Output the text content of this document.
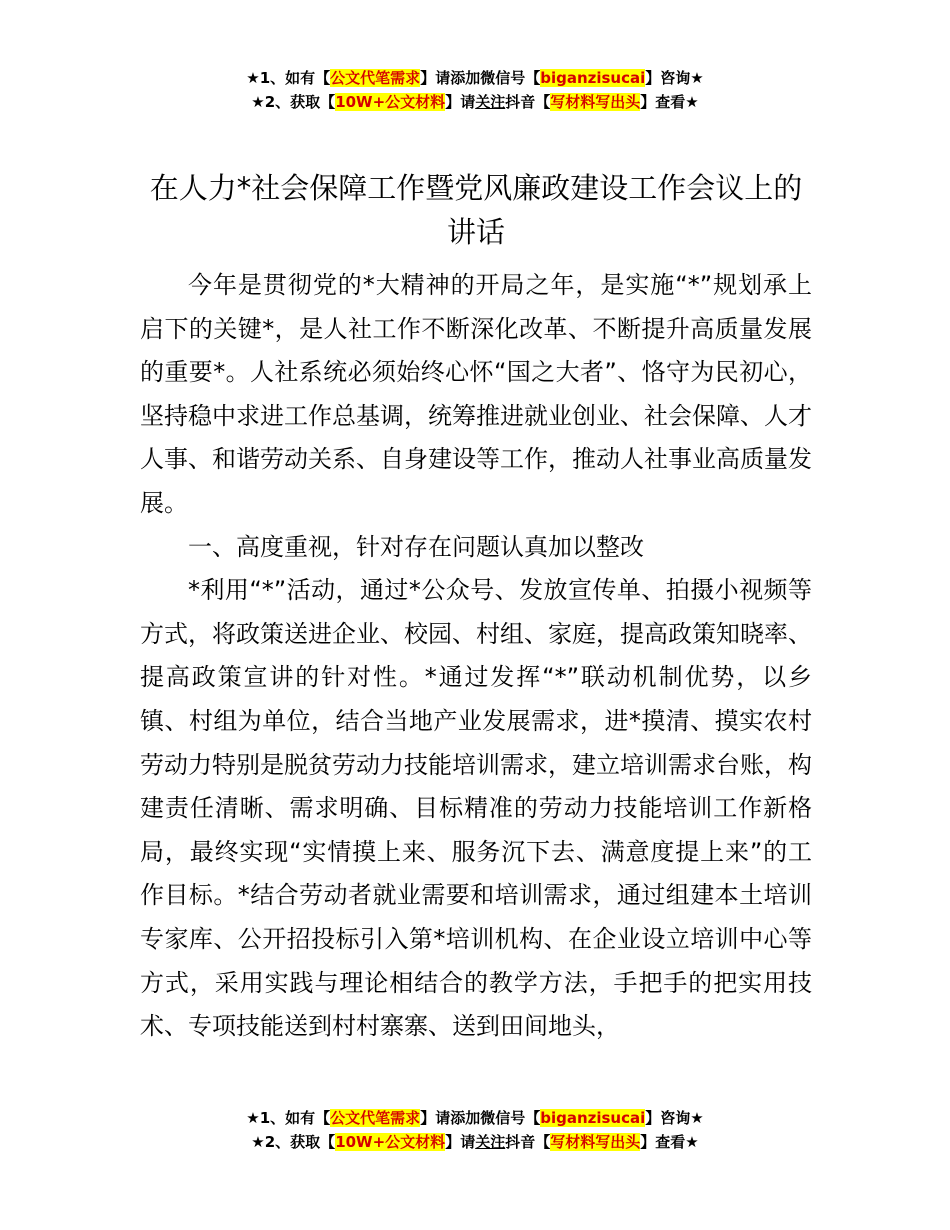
★1、如有【公文代笔需求】请添加微信号【biganzisucai】咨询★
★2、获取【10W+公文材料】请关注抖音【写材料写出头】查看★
在人力*社会保障工作暨党风廉政建设工作会议上的讲话

今年是贯彻党的*大精神的开局之年，是实施“*”规划承上启下的关键*，是人社工作不断深化改革、不断提升高质量发展的重要*。人社系统必须始终心怀“国之大者”、恪守为民初心，坚持稳中求进工作总基调，统筹推进就业创业、社会保障、人才人事、和谐劳动关系、自身建设等工作，推动人社事业高质量发展。

一、高度重视，针对存在问题认真加以整改

*利用“*”活动，通过*公众号、发放宣传单、拍摄小视频等方式，将政策送进企业、校园、村组、家庭，提高政策知晓率、提高政策宣讲的针对性。*通过发挥“*”联动机制优势，以乡镇、村组为单位，结合当地产业发展需求，进*摸清、摸实农村劳动力特别是脱贫劳动力技能培训需求，建立培训需求台账，构建责任清晰、需求明确、目标精准的劳动力技能培训工作新格局，最终实现“实情摸上来、服务沉下去、满意度提上来”的工作目标。*结合劳动者就业需要和培训需求，通过组建本土培训专家库、公开招投标引入第*培训机构、在企业设立培训中心等方式，采用实践与理论相结合的教学方法，手把手的把实用技术、专项技能送到村村寨寨、送到田间地头，

★1、如有【公文代笔需求】请添加微信号【biganzisucai】咨询★
★2、获取【10W+公文材料】请关注抖音【写材料写出头】查看★
